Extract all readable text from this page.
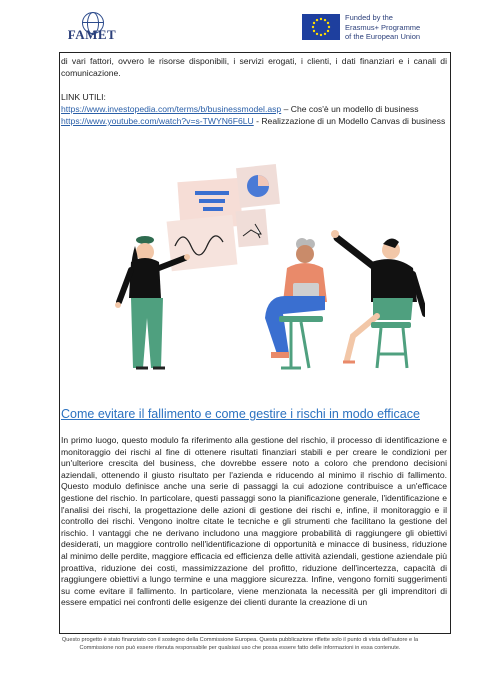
FAMET
Funded by the
Erasmus+ Programme
of the European Union
di vari fattori, ovvero le risorse disponibili, i servizi erogati, i clienti, i dati finanziari e i canali di comunicazione.
LINK UTILI:
https://www.investopedia.com/terms/b/businessmodel.asp – Che cos'è un modello di business
https://www.youtube.com/watch?v=s-TWYN6F6LU - Realizzazione di un Modello Canvas di business
Come evitare il fallimento e come gestire i rischi in modo efficace
In primo luogo, questo modulo fa riferimento alla gestione del rischio, il processo di identificazione e monitoraggio dei rischi al fine di ottenere risultati finanziari stabili e per creare le condizioni per un'ulteriore crescita del business, che dovrebbe essere noto a coloro che prendono decisioni aziendali, ottenendo il giusto risultato per l'azienda e riducendo al minimo il rischio di fallimento. Questo modulo definisce anche una serie di passaggi la cui adozione contribuisce a un'efficace gestione del rischio. In particolare, questi passaggi sono la pianificazione generale, l'identificazione e l'analisi dei rischi, la progettazione delle azioni di gestione dei rischi e, infine, il monitoraggio e il controllo dei rischi. Vengono inoltre citate le tecniche e gli strumenti che facilitano la gestione del rischio. I vantaggi che ne derivano includono una maggiore probabilità di raggiungere gli obiettivi desiderati, un maggiore controllo nell'identificazione di opportunità e minacce di business, riduzione al minimo delle perdite, maggiore efficacia ed efficienza delle attività aziendali, gestione aziendale più proattiva, riduzione dei costi, massimizzazione del profitto, riduzione dell'incertezza, capacità di raggiungere obiettivi a lungo termine e una maggiore sicurezza. Infine, vengono forniti suggerimenti su come evitare il fallimento. In particolare, viene menzionata la necessità per gli imprenditori di essere empatici nei confronti delle esigenze dei clienti durante la creazione di un
Questo progetto è stato finanziato con il sostegno della Commissione Europea. Questa pubblicazione riflette solo il punto di vista dell'autore e la
Commissione non può essere ritenuta responsabile per qualsiasi uso che possa essere fatto delle informazioni in essa contenute.
